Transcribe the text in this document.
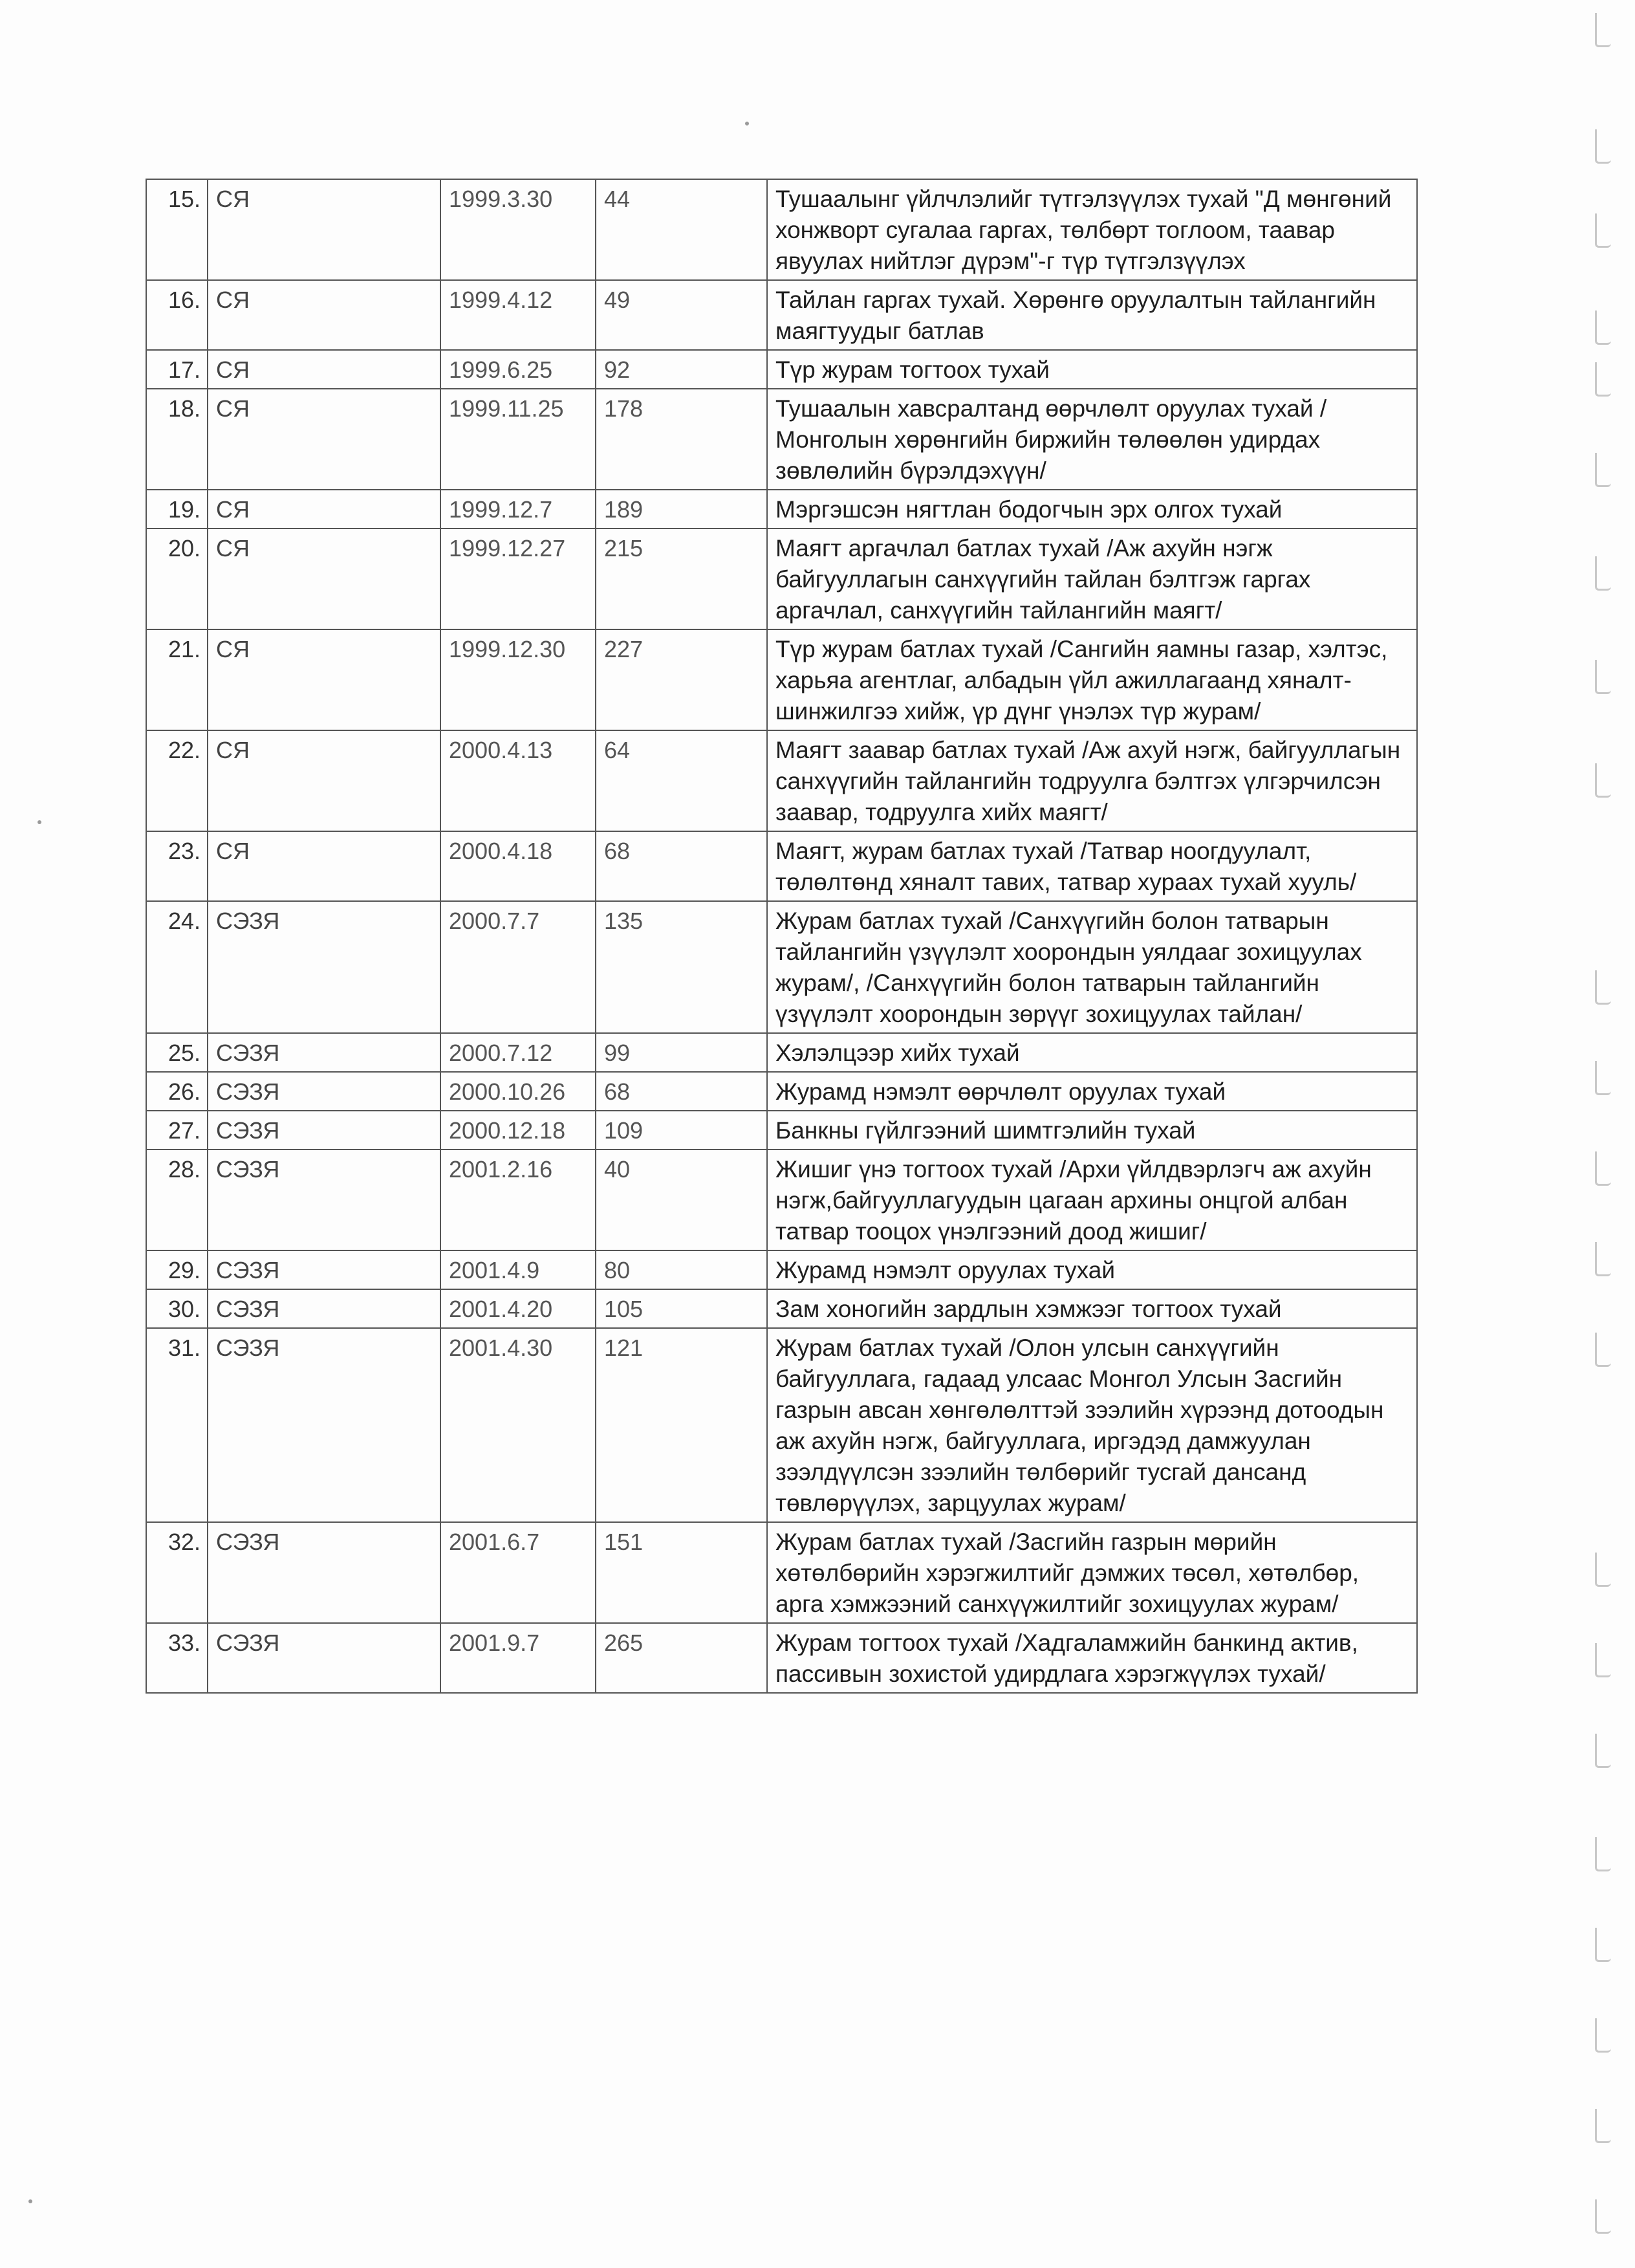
15.	СЯ	1999.3.30	44	Тушаалынг үйлчлэлийг түтгэлзүүлэх тухай "Д мөнгөний хонжворт сугалаа гаргах, төлбөрт тоглоом, таавар явуулах нийтлэг дүрэм"-г түр түтгэлзүүлэх
16.	СЯ	1999.4.12	49	Тайлан гаргах тухай. Хөрөнгө оруулалтын тайлангийн маягтуудыг батлав
17.	СЯ	1999.6.25	92	Түр журам тогтоох тухай
18.	СЯ	1999.11.25	178	Тушаалын хавсралтанд өөрчлөлт оруулах тухай /Монголын хөрөнгийн биржийн төлөөлөн удирдах зөвлөлийн бүрэлдэхүүн/
19.	СЯ	1999.12.7	189	Мэргэшсэн нягтлан бодогчын эрх олгох тухай
20.	СЯ	1999.12.27	215	Маягт аргачлал батлах тухай /Аж ахуйн нэгж байгууллагын санхүүгийн тайлан бэлтгэж гаргах аргачлал, санхүүгийн тайлангийн маягт/
21.	СЯ	1999.12.30	227	Түр журам батлах тухай /Сангийн яамны газар, хэлтэс, харьяа агентлаг, албадын үйл ажиллагаанд хяналт-шинжилгээ хийж, үр дүнг үнэлэх түр журам/
22.	СЯ	2000.4.13	64	Маягт заавар батлах тухай /Аж ахуй нэгж, байгууллагын санхүүгийн тайлангийн тодруулга бэлтгэх үлгэрчилсэн заавар, тодруулга хийх маягт/
23.	СЯ	2000.4.18	68	Маягт, журам батлах тухай /Татвар ноогдуулалт, төлөлтөнд хяналт тавих, татвар хураах тухай хууль/
24.	СЭЗЯ	2000.7.7	135	Журам батлах тухай /Санхүүгийн болон татварын тайлангийн үзүүлэлт хоорондын уялдааг зохицуулах журам/, /Санхүүгийн болон татварын тайлангийн үзүүлэлт хоорондын зөрүүг зохицуулах тайлан/
25.	СЭЗЯ	2000.7.12	99	Хэлэлцээр хийх тухай
26.	СЭЗЯ	2000.10.26	68	Журамд нэмэлт өөрчлөлт оруулах тухай
27.	СЭЗЯ	2000.12.18	109	Банкны гүйлгээний шимтгэлийн тухай
28.	СЭЗЯ	2001.2.16	40	Жишиг үнэ тогтоох тухай /Архи үйлдвэрлэгч аж ахуйн нэгж,байгууллагуудын цагаан архины онцгой албан татвар тооцох үнэлгээний доод жишиг/
29.	СЭЗЯ	2001.4.9	80	Журамд нэмэлт оруулах тухай
30.	СЭЗЯ	2001.4.20	105	Зам хоногийн зардлын хэмжээг тогтоох тухай
31.	СЭЗЯ	2001.4.30	121	Журам батлах тухай /Олон улсын санхүүгийн байгууллага, гадаад улсаас Монгол Улсын Засгийн газрын авсан хөнгөлөлттэй зээлийн хүрээнд дотоодын аж ахуйн нэгж, байгууллага, иргэдэд дамжуулан зээлдүүлсэн зээлийн төлбөрийг тусгай дансанд төвлөрүүлэх, зарцуулах журам/
32.	СЭЗЯ	2001.6.7	151	Журам батлах тухай /Засгийн газрын мөрийн хөтөлбөрийн хэрэгжилтийг дэмжих төсөл, хөтөлбөр, арга хэмжээний санхүүжилтийг зохицуулах журам/
33.	СЭЗЯ	2001.9.7	265	Журам тогтоох тухай /Хадгаламжийн банкинд актив, пассивын зохистой удирдлага хэрэгжүүлэх тухай/
